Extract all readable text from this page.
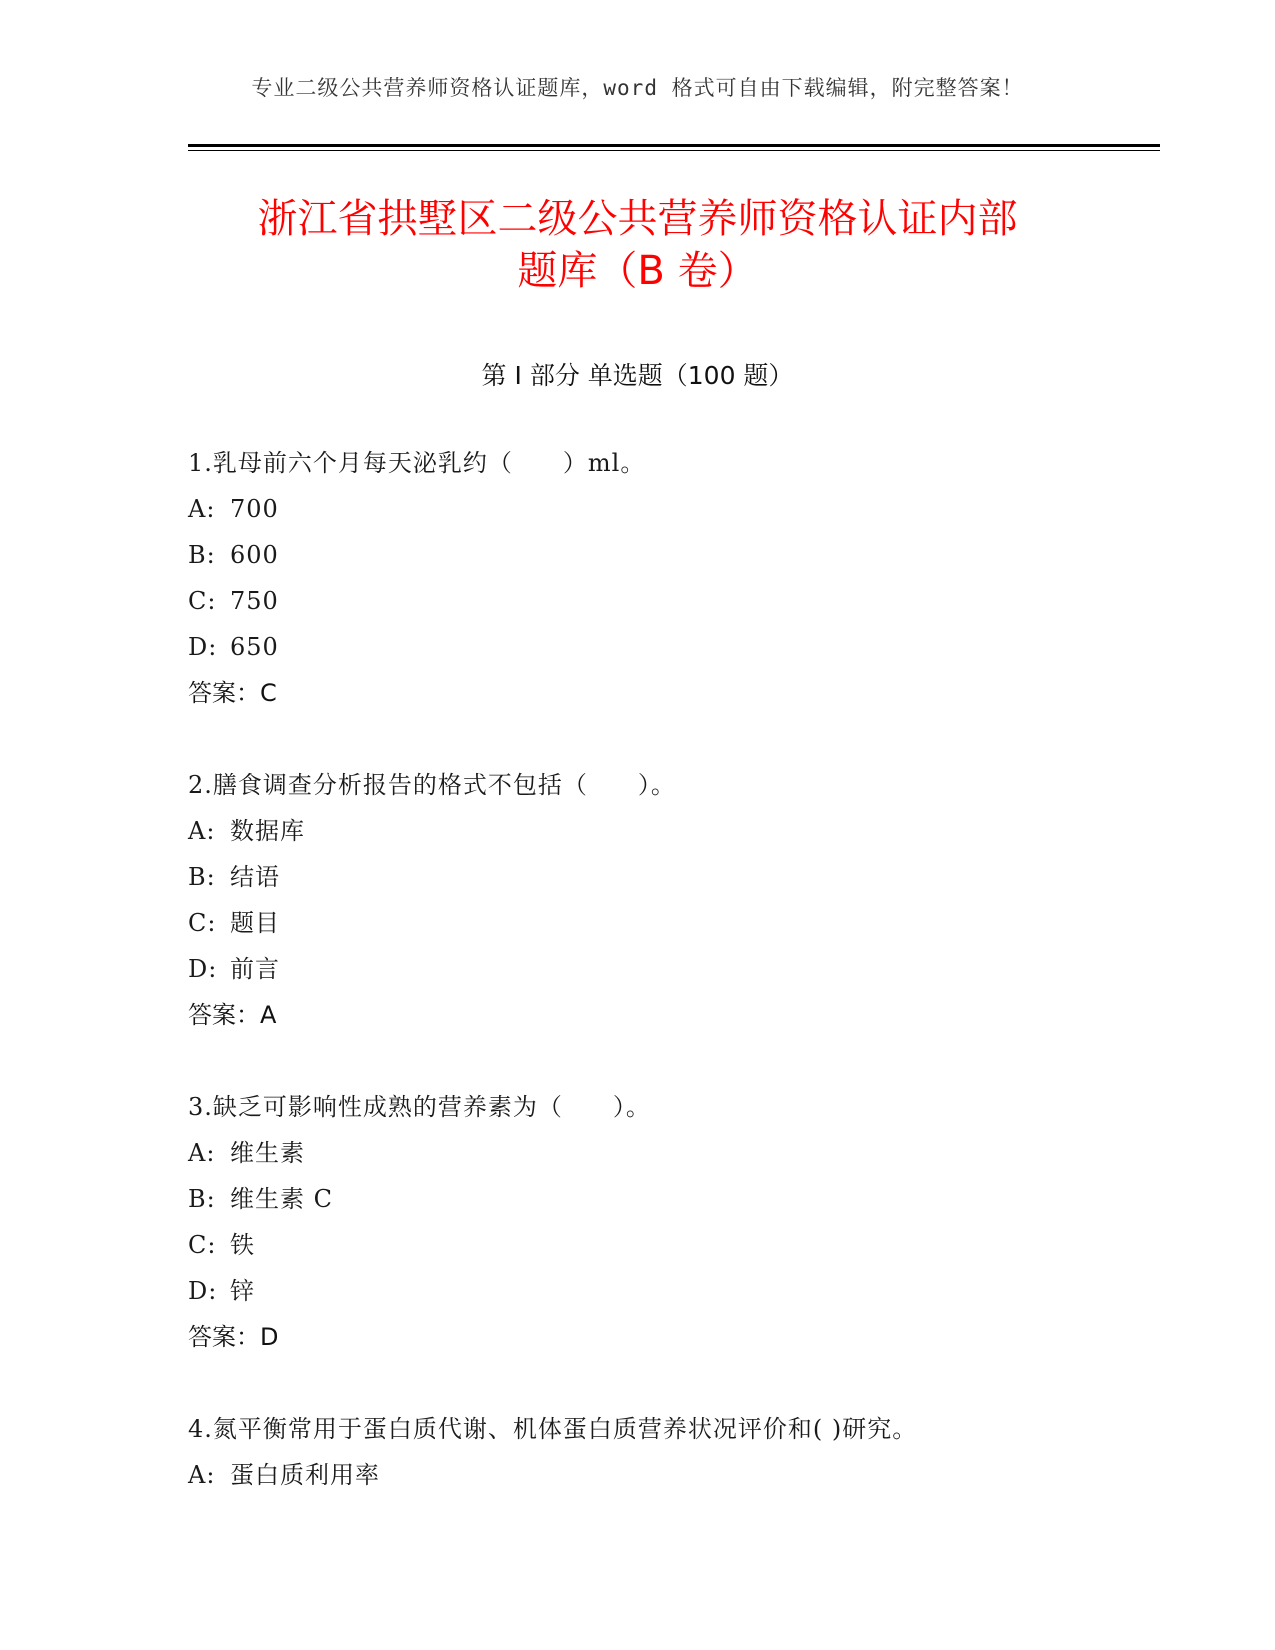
专业二级公共营养师资格认证题库，word 格式可自由下载编辑，附完整答案！
浙江省拱墅区二级公共营养师资格认证内部
题库（B 卷）
第 I 部分 单选题（100 题）
1.乳母前六个月每天泌乳约（　　）ml。
A: 700
B: 600
C: 750
D: 650
答案：C
2.膳食调查分析报告的格式不包括（　　）。
A: 数据库
B: 结语
C: 题目
D: 前言
答案：A
3.缺乏可影响性成熟的营养素为（　　）。
A: 维生素
B: 维生素 C
C: 铁
D: 锌
答案：D
4.氮平衡常用于蛋白质代谢、机体蛋白质营养状况评价和( )研究。
A: 蛋白质利用率
